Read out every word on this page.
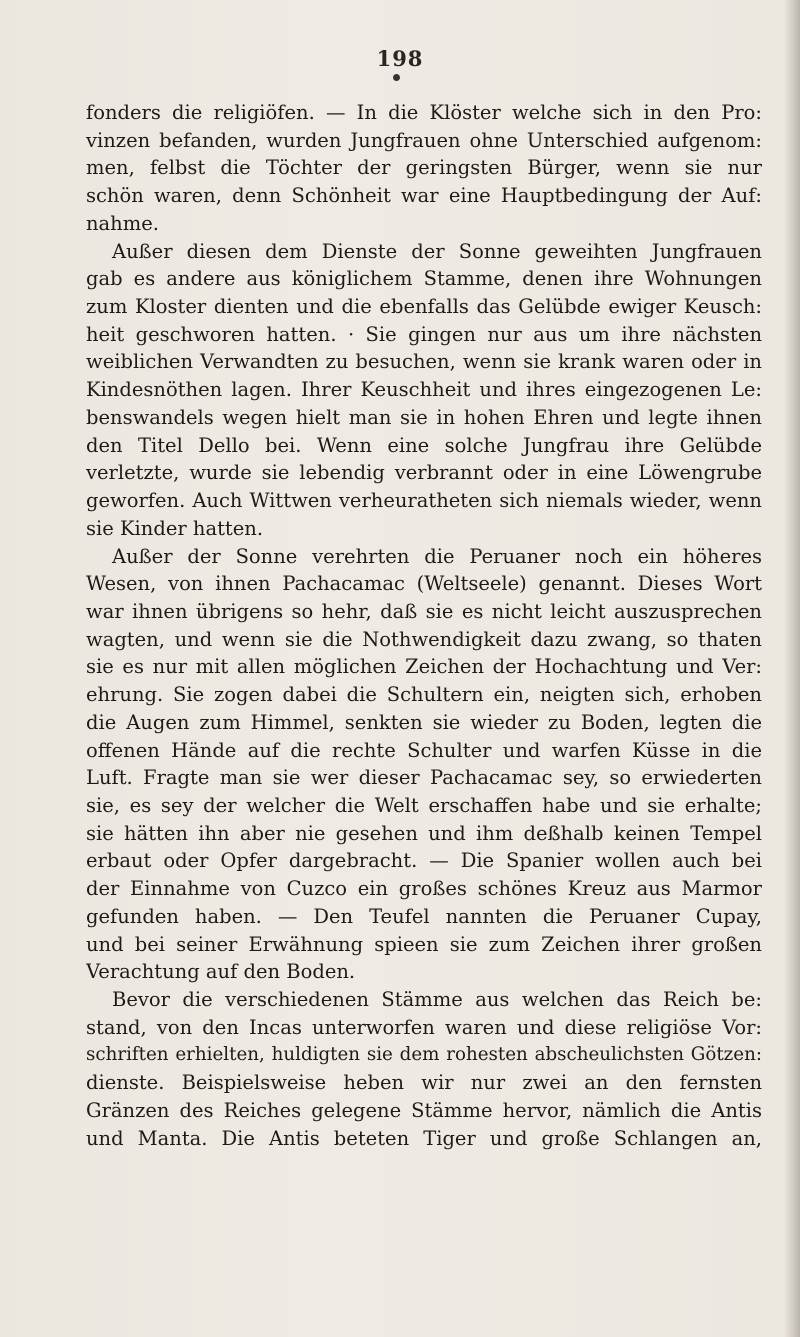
198
fonders die religiöfen. — In die Klöster welche sich in den Pro:
vinzen befanden, wurden Jungfrauen ohne Unterschied aufgenom:
men, felbst die Töchter der geringsten Bürger, wenn sie nur
schön waren, denn Schönheit war eine Hauptbedingung der Auf:
nahme.
Außer diesen dem Dienste der Sonne geweihten Jungfrauen
gab es andere aus königlichem Stamme, denen ihre Wohnungen
zum Kloster dienten und die ebenfalls das Gelübde ewiger Keusch:
heit geschworen hatten. · Sie gingen nur aus um ihre nächsten
weiblichen Verwandten zu besuchen, wenn sie krank waren oder in
Kindesnöthen lagen. Ihrer Keuschheit und ihres eingezogenen Le:
benswandels wegen hielt man sie in hohen Ehren und legte ihnen
den Titel Dello bei. Wenn eine solche Jungfrau ihre Gelübde
verletzte, wurde sie lebendig verbrannt oder in eine Löwengrube
geworfen. Auch Wittwen verheuratheten sich niemals wieder, wenn
sie Kinder hatten.
Außer der Sonne verehrten die Peruaner noch ein höheres
Wesen, von ihnen Pachacamac (Weltseele) genannt. Dieses Wort
war ihnen übrigens so hehr, daß sie es nicht leicht auszusprechen
wagten, und wenn sie die Nothwendigkeit dazu zwang, so thaten
sie es nur mit allen möglichen Zeichen der Hochachtung und Ver:
ehrung. Sie zogen dabei die Schultern ein, neigten sich, erhoben
die Augen zum Himmel, senkten sie wieder zu Boden, legten die
offenen Hände auf die rechte Schulter und warfen Küsse in die
Luft. Fragte man sie wer dieser Pachacamac sey, so erwiederten
sie, es sey der welcher die Welt erschaffen habe und sie erhalte;
sie hätten ihn aber nie gesehen und ihm deßhalb keinen Tempel
erbaut oder Opfer dargebracht. — Die Spanier wollen auch bei
der Einnahme von Cuzco ein großes schönes Kreuz aus Marmor
gefunden haben. — Den Teufel nannten die Peruaner Cupay,
und bei seiner Erwähnung spieen sie zum Zeichen ihrer großen
Verachtung auf den Boden.
Bevor die verschiedenen Stämme aus welchen das Reich be:
stand, von den Incas unterworfen waren und diese religiöse Vor:
schriften erhielten, huldigten sie dem rohesten abscheulichsten Götzen:
dienste. Beispielsweise heben wir nur zwei an den fernsten
Gränzen des Reiches gelegene Stämme hervor, nämlich die Antis
und Manta. Die Antis beteten Tiger und große Schlangen an,
